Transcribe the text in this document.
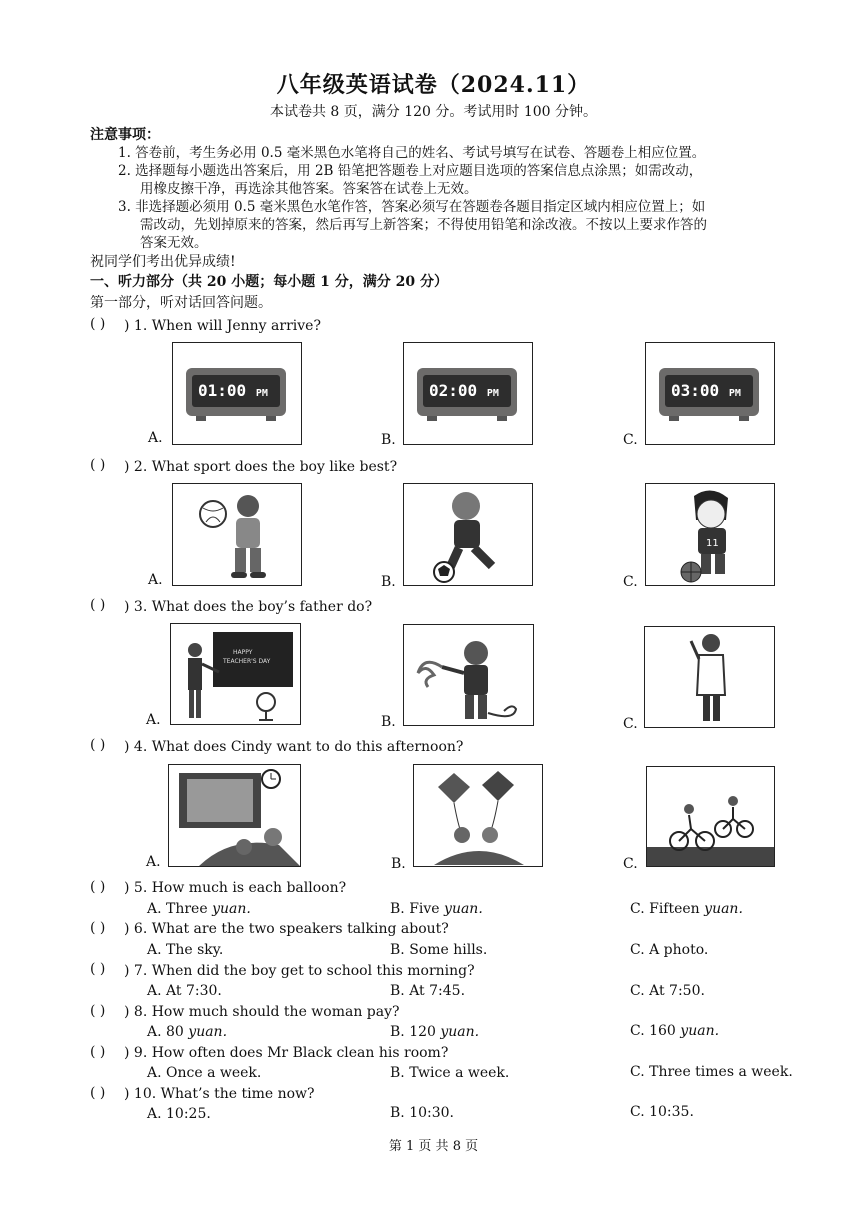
八年级英语试卷（2024.11）
本试卷共 8 页，满分 120 分。考试用时 100 分钟。
注意事项：
1. 答卷前，考生务必用 0.5 毫米黑色水笔将自己的姓名、考试号填写在试卷、答题卷上相应位置。
2. 选择题每小题选出答案后，用 2B 铅笔把答题卷上对应题目选项的答案信息点涂黑；如需改动，
用橡皮擦干净，再选涂其他答案。答案答在试卷上无效。
3. 非选择题必须用 0.5 毫米黑色水笔作答，答案必须写在答题卷各题目指定区域内相应位置上；如
需改动，先划掉原来的答案，然后再写上新答案；不得使用铅笔和涂改液。不按以上要求作答的
答案无效。
祝同学们考出优异成绩!
一、听力部分（共 20 小题；每小题 1 分，满分 20 分）
第一部分，听对话回答问题。
( ) ) 1. When will Jenny arrive?
01:00 PM
A.
02:00 PM
B.
03:00 PM
C.
( ) ) 2. What sport does the boy like best?
A.	B.
11
C.
( ) ) 3. What does the boy’s father do?
HAPPY TEACHER'S DAY
A.	B.	C.
( ) ) 4. What does Cindy want to do this afternoon?
A.	B.	C.
( ) ) 5. How much is each balloon?
A. Three yuan.	B. Five yuan.	C. Fifteen yuan.
( ) ) 6. What are the two speakers talking about?
A. The sky.	B. Some hills.	C. A photo.
( ) ) 7. When did the boy get to school this morning?
A. At 7:30.	B. At 7:45.	C. At 7:50.
( ) ) 8. How much should the woman pay?
A. 80 yuan.	B. 120 yuan.	C. 160 yuan.
( ) ) 9. How often does Mr Black clean his room?
A. Once a week.	B. Twice a week.	C. Three times a week.
( ) ) 10. What’s the time now?
A. 10:25.	B. 10:30.	C. 10:35.
第 1 页 共 8 页
